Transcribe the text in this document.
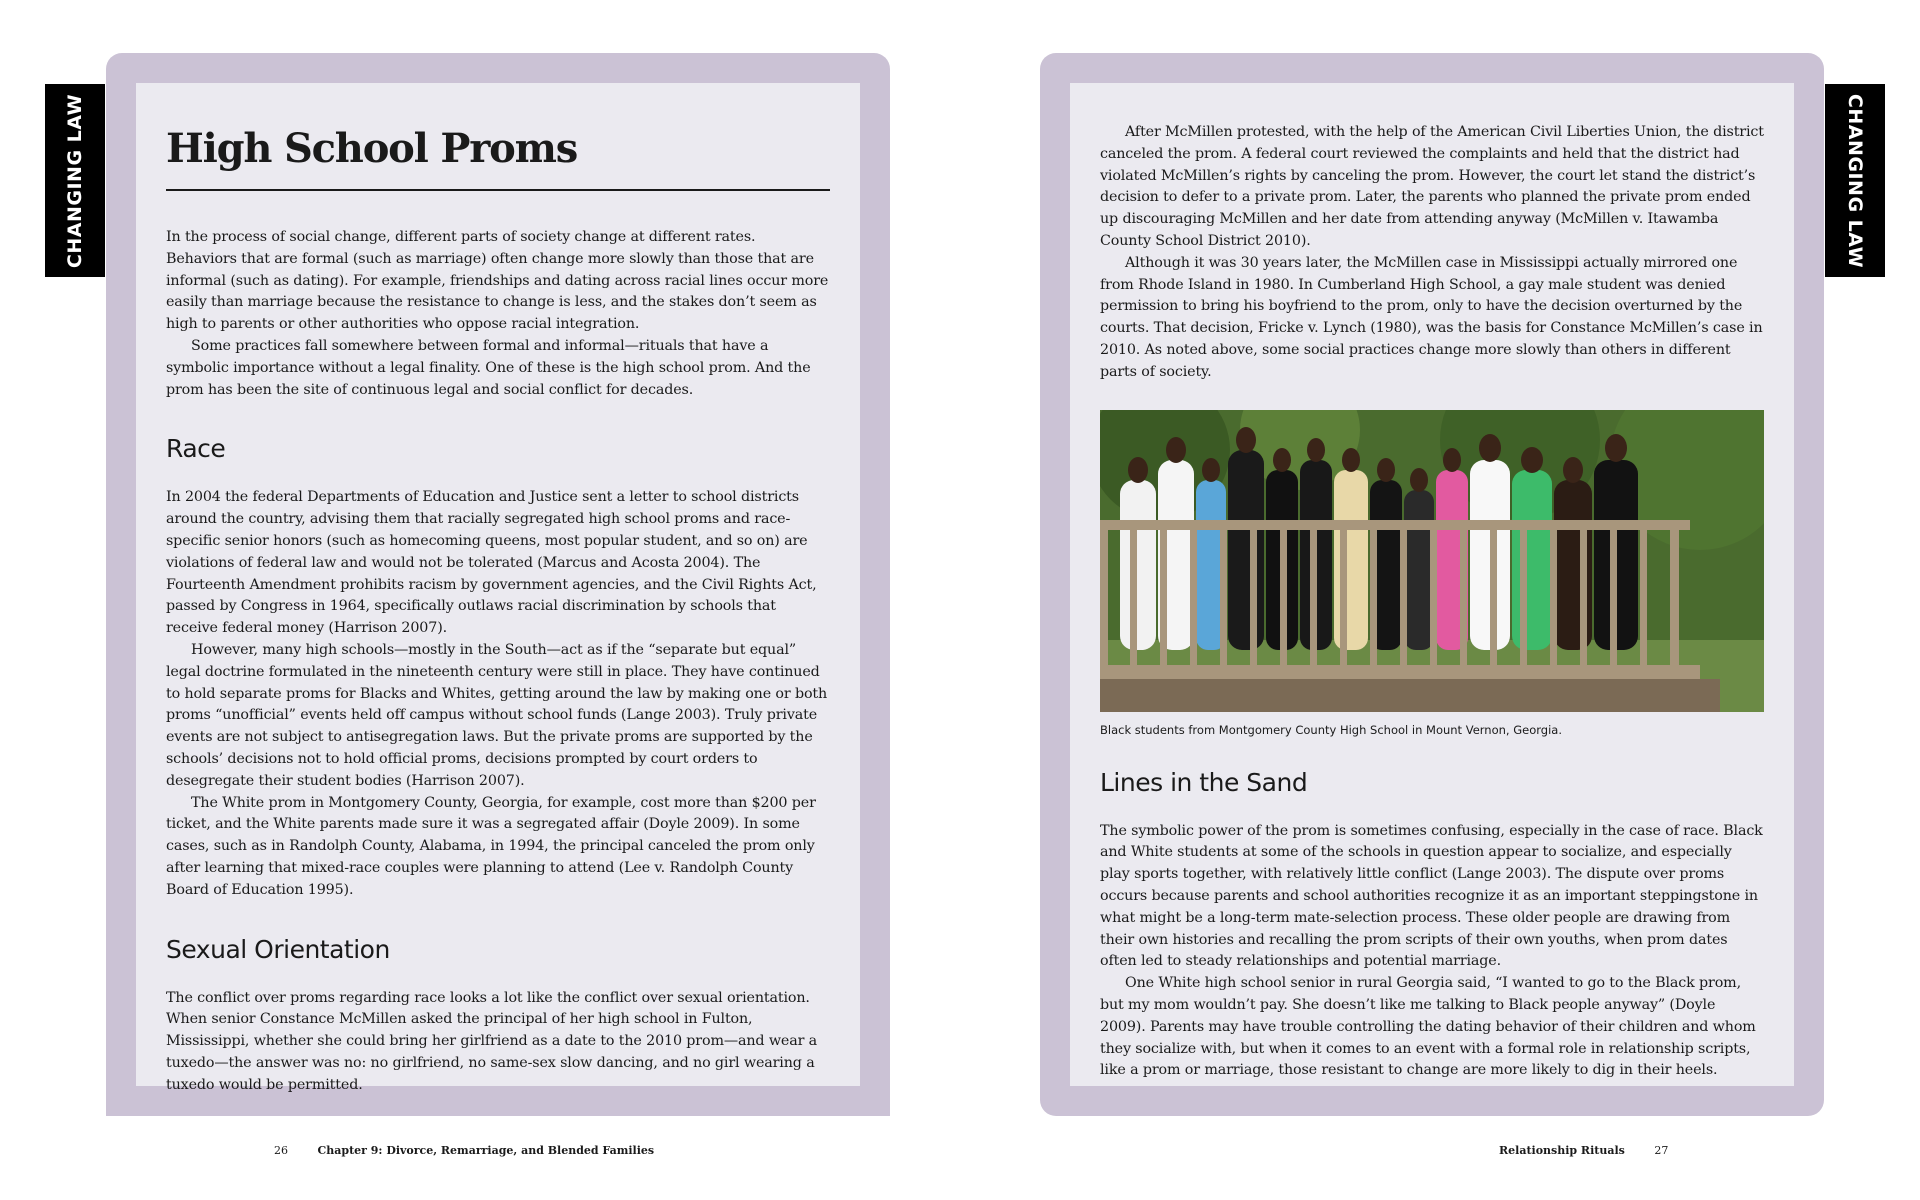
CHANGING LAW	CHANGING LAW
High School Proms

In the process of social change, different parts of society change at different rates. Behaviors that are formal (such as marriage) often change more slowly than those that are informal (such as dating). For example, friendships and dating across racial lines occur more easily than marriage because the resistance to change is less, and the stakes don’t seem as high to parents or other authorities who oppose racial integration.

Some practices fall somewhere between formal and informal—rituals that have a symbolic importance without a legal finality. One of these is the high school prom. And the prom has been the site of continuous legal and social conflict for decades.

Race

In 2004 the federal Departments of Education and Justice sent a letter to school districts around the country, advising them that racially segregated high school proms and race-specific senior honors (such as homecoming queens, most popular student, and so on) are violations of federal law and would not be tolerated (Marcus and Acosta 2004). The Fourteenth Amendment prohibits racism by government agencies, and the Civil Rights Act, passed by Congress in 1964, specifically outlaws racial discrimination by schools that receive federal money (Harrison 2007).

However, many high schools—mostly in the South—act as if the “separate but equal” legal doctrine formulated in the nineteenth century were still in place. They have continued to hold separate proms for Blacks and Whites, getting around the law by making one or both proms “unofficial” events held off campus without school funds (Lange 2003). Truly private events are not subject to antisegregation laws. But the private proms are supported by the schools’ decisions not to hold official proms, decisions prompted by court orders to desegregate their student bodies (Harrison 2007).

The White prom in Montgomery County, Georgia, for example, cost more than $200 per ticket, and the White parents made sure it was a segregated affair (Doyle 2009). In some cases, such as in Randolph County, Alabama, in 1994, the principal canceled the prom only after learning that mixed-race couples were planning to attend (Lee v. Randolph County Board of Education 1995).

Sexual Orientation

The conflict over proms regarding race looks a lot like the conflict over sexual orientation. When senior Constance McMillen asked the principal of her high school in Fulton, Mississippi, whether she could bring her girlfriend as a date to the 2010 prom—and wear a tuxedo—the answer was no: no girlfriend, no same-sex slow dancing, and no girl wearing a tuxedo would be permitted.

After McMillen protested, with the help of the American Civil Liberties Union, the district canceled the prom. A federal court reviewed the complaints and held that the district had violated McMillen’s rights by canceling the prom. However, the court let stand the district’s decision to defer to a private prom. Later, the parents who planned the private prom ended up discouraging McMillen and her date from attending anyway (McMillen v. Itawamba County School District 2010).

Although it was 30 years later, the McMillen case in Mississippi actually mirrored one from Rhode Island in 1980. In Cumberland High School, a gay male student was denied permission to bring his boyfriend to the prom, only to have the decision overturned by the courts. That decision, Fricke v. Lynch (1980), was the basis for Constance McMillen’s case in 2010. As noted above, some social practices change more slowly than others in different parts of society.

Black students from Montgomery County High School in Mount Vernon, Georgia.
Lines in the Sand

The symbolic power of the prom is sometimes confusing, especially in the case of race. Black and White students at some of the schools in question appear to socialize, and especially play sports together, with relatively little conflict (Lange 2003). The dispute over proms occurs because parents and school authorities recognize it as an important steppingstone in what might be a long-term mate-selection process. These older people are drawing from their own histories and recalling the prom scripts of their own youths, when prom dates often led to steady relationships and potential marriage.

One White high school senior in rural Georgia said, “I wanted to go to the Black prom, but my mom wouldn’t pay. She doesn’t like me talking to Black people anyway” (Doyle 2009). Parents may have trouble controlling the dating behavior of their children and whom they socialize with, but when it comes to an event with a formal role in relationship scripts, like a prom or marriage, those resistant to change are more likely to dig in their heels.

26	Chapter 9: Divorce, Remarriage, and Blended Families	Relationship Rituals	27
